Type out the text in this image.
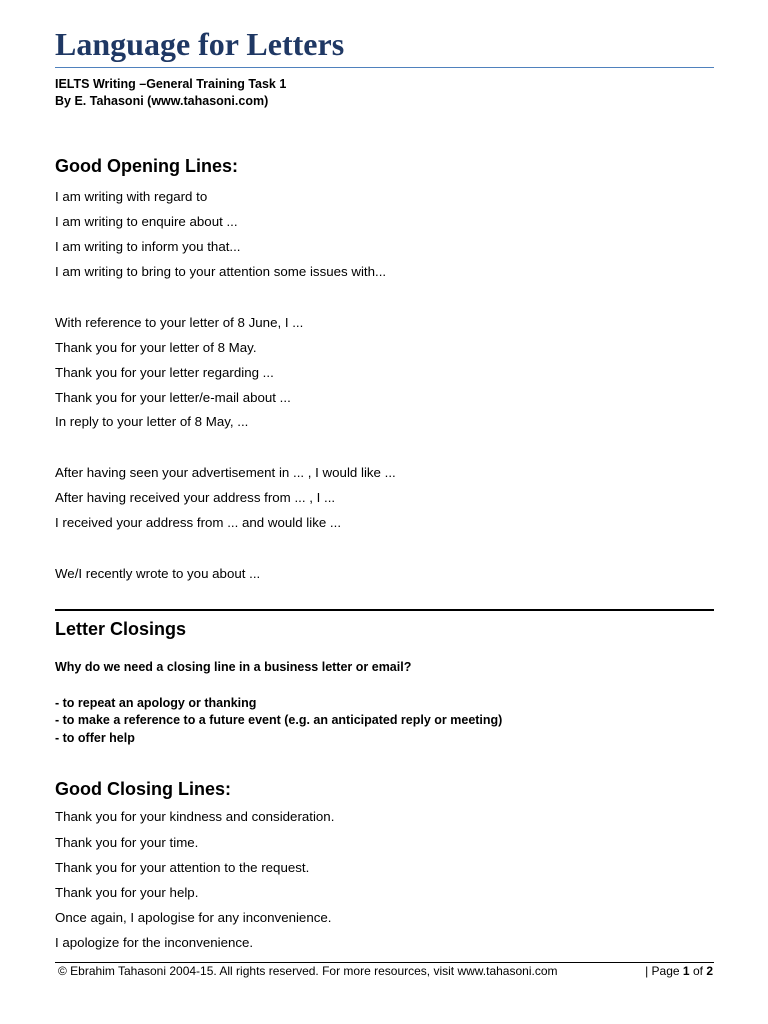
Language for Letters
IELTS Writing –General Training Task 1
By E. Tahasoni (www.tahasoni.com)
Good Opening Lines:
I am writing with regard to
I am writing to enquire about ...
I am writing to inform you that...
I am writing to bring to your attention some issues with...
With reference to your letter of 8 June, I ...
Thank you for your letter of 8 May.
Thank you for your letter regarding ...
Thank you for your letter/e-mail about ...
In reply to your letter of 8 May, ...
After having seen your advertisement in ... , I would like ...
After having received your address from ... , I ...
I received your address from ... and would like ...
We/I recently wrote to you about ...
Letter Closings
Why do we need a closing line in a business letter or email?
- to repeat an apology or thanking
- to make a reference to a future event (e.g. an anticipated reply or meeting)
- to offer help
Good Closing Lines:
Thank you for your kindness and consideration.
Thank you for your time.
Thank you for your attention to the request.
Thank you for your help.
Once again, I apologise for any inconvenience.
I apologize for the inconvenience.
© Ebrahim Tahasoni 2004-15. All rights reserved. For more resources, visit www.tahasoni.com	| Page 1 of 2
